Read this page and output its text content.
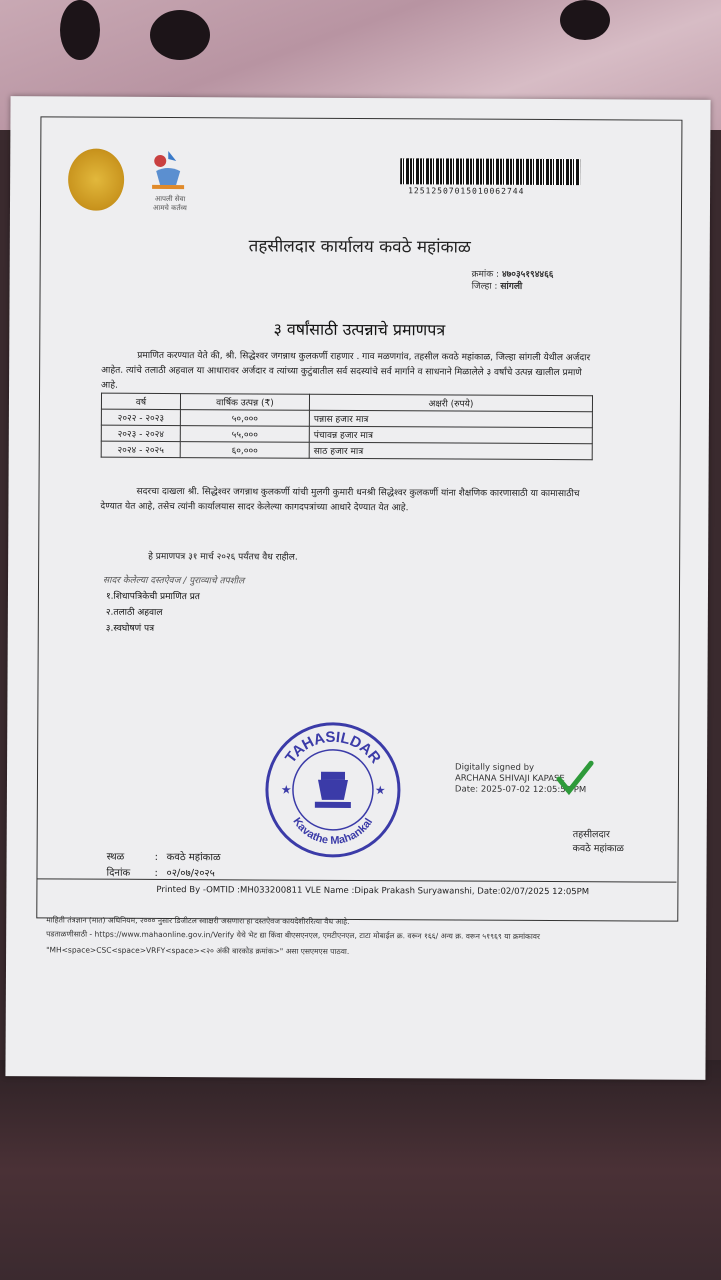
आपली सेवा
आमचे कर्तव्य
12512507015010062744
तहसीलदार कार्यालय कवठे महांकाळ
क्रमांक : ४७०३५१९४४६६
जिल्हा : सांगली
३ वर्षांसाठी उत्पन्नाचे प्रमाणपत्र
प्रमाणित करण्यात येते की, श्री. सिद्धेश्वर जगन्नाथ कुलकर्णी राहणार . गाव मळणगांव, तहसील कवठे महांकाळ, जिल्हा सांगली येथील अर्जदार आहेत. त्यांचे तलाठी अहवाल या आधारावर अर्जदार व त्यांच्या कुटुंबातील सर्व सदस्यांचे सर्व मार्गाने व साधनाने मिळालेले ३ वर्षांचे उत्पन्न खालील प्रमाणे आहे.
वर्ष	वार्षिक उत्पन्न (₹)	अक्षरी (रुपये)
२०२२ - २०२३	५०,०००	पन्नास हजार मात्र
२०२३ - २०२४	५५,०००	पंचावन्न हजार मात्र
२०२४ - २०२५	६०,०००	साठ हजार मात्र
सदरचा दाखला श्री. सिद्धेश्वर जगन्नाथ कुलकर्णी यांची मुलगी कुमारी धनश्री सिद्धेश्वर कुलकर्णी यांना शैक्षणिक कारणासाठी या कामासाठीच देण्यात येत आहे, तसेच त्यांनी कार्यालयास सादर केलेल्या कागदपत्रांच्या आधारे देण्यात येत आहे.
हे प्रमाणपत्र ३१ मार्च २०२६ पर्यंतच वैध राहील.
सादर केलेल्या दस्तऐवज / पुराव्याचे तपशील
१.शिधापत्रिकेची प्रमाणित प्रत
२.तलाठी अहवाल
३.स्वघोषणं पत्र
TAHASILDAR
Kavathe Mahankal
★	★
Digitally signed by
ARCHANA SHIVAJI KAPASE
Date: 2025-07-02 12:05:53 PM
तहसीलदार
कवठे महांकाळ
स्थळ	: कवठे महांकाळ
दिनांक : ०२/०७/२०२५
Printed By -OMTID :MH033200811 VLE Name :Dipak Prakash Suryawanshi, Date:02/07/2025 12:05PM
माहिती तंत्रज्ञान (मात) अधिनियम, २००० नुसार डिजीटल स्वाक्षरी असणारा हा दस्तऐवज कायदेशीररित्या वैध आहे.
पडताळणीसाठी - https://www.mahaonline.gov.in/Verify येथे भेट द्या किंवा बीएसएनएल, एमटीएनएल, टाटा मोबाईल क्र. वरून १६६/ अन्य क्र. वरून ५१९६९ या क्रमांकावर
"MH<space>CSC<space>VRFY<space><२० अंकी बारकोड क्रमांक>" असा एसएमएस पाठवा.
